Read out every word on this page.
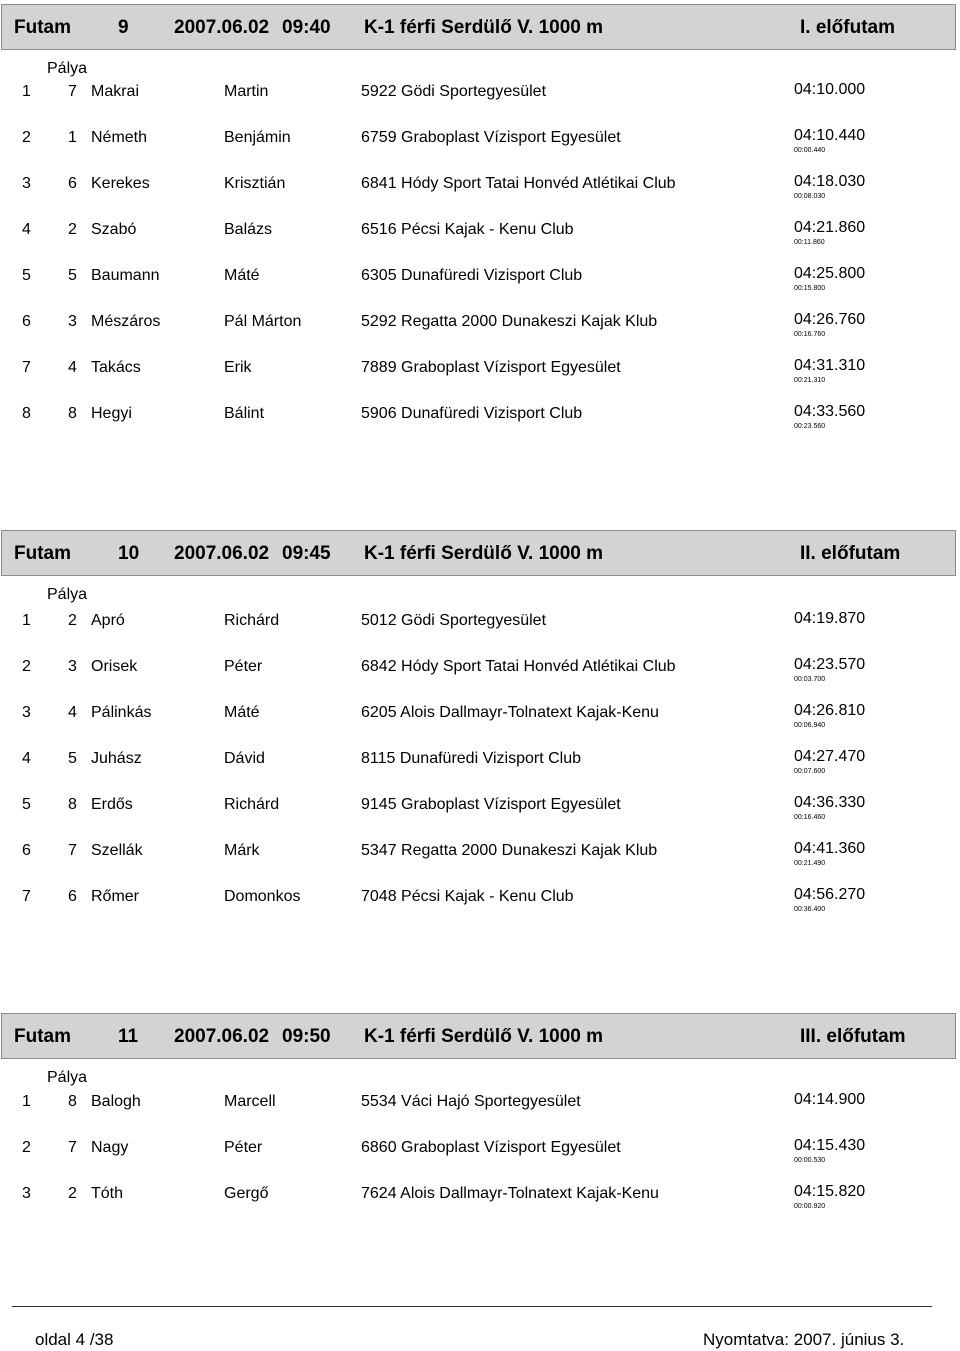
Futam 9 2007.06.02 09:40 K-1 férfi Serdülő V. 1000 m	I. előfutam
Pálya
1 7 Makrai	Martin	5922 Gödi Sportegyesület	04:10.000
2 1 Németh	Benjámin	6759 Graboplast Vízisport Egyesület	04:10.440
00:00.440
3 6 Kerekes	Krisztián	6841 Hódy Sport Tatai Honvéd Atlétikai Club	04:18.030
00:08.030
4 2 Szabó	Balázs	6516 Pécsi Kajak - Kenu Club	04:21.860
00:11.860
5 5 Baumann	Máté	6305 Dunafüredi Vizisport Club	04:25.800
00:15.800
6 3 Mészáros	Pál Márton	5292 Regatta 2000 Dunakeszi Kajak Klub	04:26.760
00:16.760
7 4 Takács	Erik	7889 Graboplast Vízisport Egyesület	04:31.310
00:21.310
8 8 Hegyi	Bálint	5906 Dunafüredi Vizisport Club	04:33.560
00:23.560
Futam 10 2007.06.02 09:45 K-1 férfi Serdülő V. 1000 m	II. előfutam
Pálya
1 2 Apró	Richárd	5012 Gödi Sportegyesület	04:19.870
2 3 Orisek	Péter	6842 Hódy Sport Tatai Honvéd Atlétikai Club	04:23.570
00:03.700
3 4 Pálinkás	Máté	6205 Alois Dallmayr-Tolnatext Kajak-Kenu	04:26.810
00:06.940
4 5 Juhász	Dávid	8115 Dunafüredi Vizisport Club	04:27.470
00:07.600
5 8 Erdős	Richárd	9145 Graboplast Vízisport Egyesület	04:36.330
00:16.460
6 7 Szellák	Márk	5347 Regatta 2000 Dunakeszi Kajak Klub	04:41.360
00:21.490
7 6 Rőmer	Domonkos	7048 Pécsi Kajak - Kenu Club	04:56.270
00:36.400
Futam 11 2007.06.02 09:50 K-1 férfi Serdülő V. 1000 m	III. előfutam
Pálya
1 8 Balogh	Marcell	5534 Váci Hajó Sportegyesület	04:14.900
2 7 Nagy	Péter	6860 Graboplast Vízisport Egyesület	04:15.430
00:00.530
3 2 Tóth	Gergő	7624 Alois Dallmayr-Tolnatext Kajak-Kenu	04:15.820
00:00.920
oldal 4 /38	Nyomtatva: 2007. június 3.
